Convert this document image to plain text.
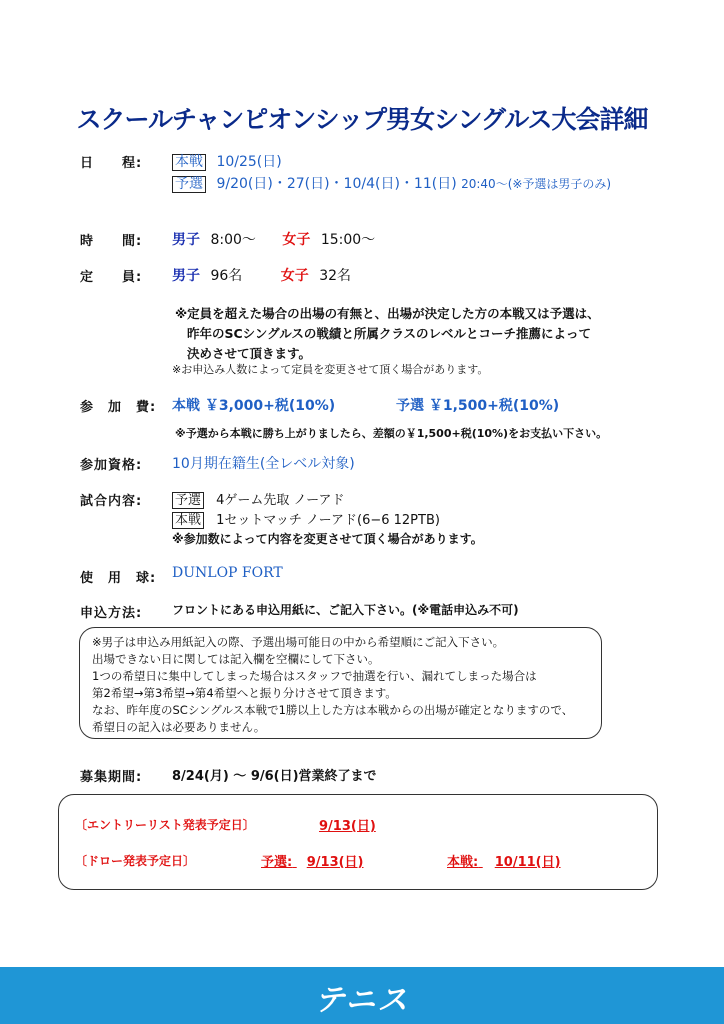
スクールチャンピオンシップ男女シングルス大会詳細
日　　程: 本戦 10/25(日)
予選 9/20(日)・27(日)・10/4(日)・11(日) 20:40〜(※予選は男子のみ)
時　　間: 男子 8:00〜 女子 15:00〜
定　　員: 男子 96名	女子 32名
※定員を超えた場合の出場の有無と、出場が決定した方の本戦又は予選は、
昨年のSCシングルスの戦績と所属クラスのレベルとコーチ推薦によって
決めさせて頂きます。
※お申込み人数によって定員を変更させて頂く場合があります。
参　加　費: 本戦 ￥3,000+税(10%)	予選 ￥1,500+税(10%)
※予選から本戦に勝ち上がりましたら、差額の￥1,500+税(10%)をお支払い下さい。
参加資格: 10月期在籍生(全レベル対象)
試合内容:	予選 4ゲーム先取 ノーアド
本戦 1セットマッチ ノーアド(6−6 12PTB)
※参加数によって内容を変更させて頂く場合があります。
使　用　球: DUNLOP FORT
申込方法: フロントにある申込用紙に、ご記入下さい。(※電話申込み不可)
※男子は申込み用紙記入の際、予選出場可能日の中から希望順にご記入下さい。
出場できない日に関しては記入欄を空欄にして下さい。
1つの希望日に集中してしまった場合はスタッフで抽選を行い、漏れてしまった場合は
第2希望→第3希望→第4希望へと振り分けさせて頂きます。
なお、昨年度のSCシングルス本戦で1勝以上した方は本戦からの出場が確定となりますので、
希望日の記入は必要ありません。
募集期間: 8/24(月) 〜 9/6(日)営業終了まで
〔エントリーリスト発表予定日〕	9/13(日)
〔ドロー発表予定日〕	予選: 9/13(日)	本戦: 10/11(日)
テニス
